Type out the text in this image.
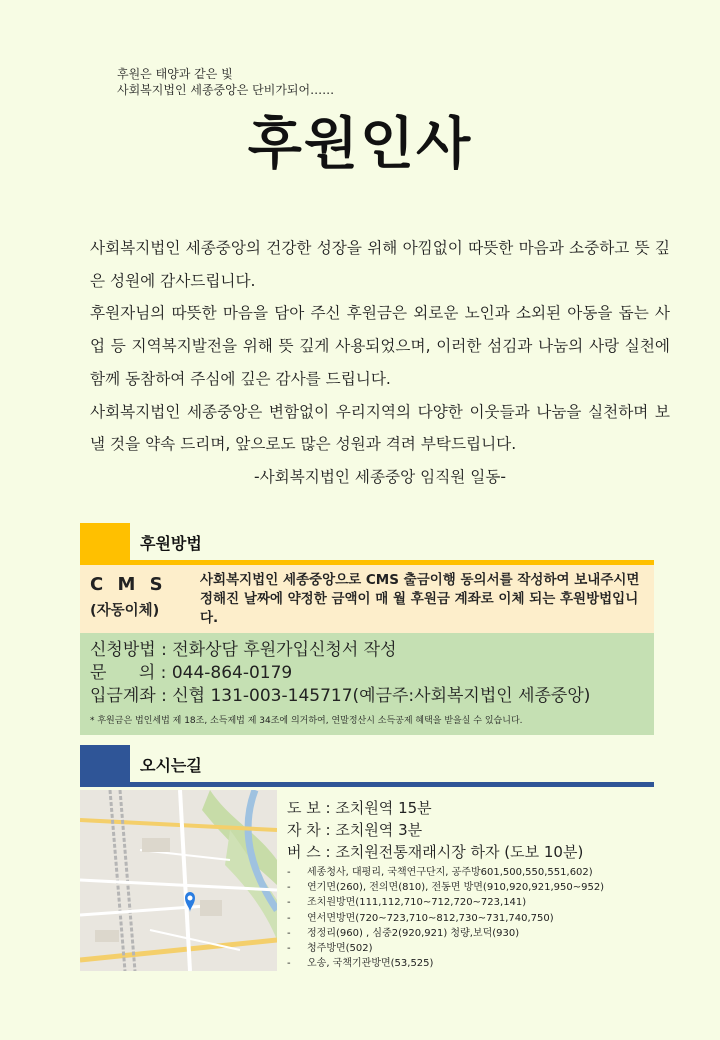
후원은 태양과 같은 빛
사회복지법인 세종중앙은 단비가되어……
후원인사

사회복지법인 세종중앙의 건강한 성장을 위해 아낌없이 따뜻한 마음과 소중하고 뜻 깊은 성원에 감사드립니다.

후원자님의 따뜻한 마음을 담아 주신 후원금은 외로운 노인과 소외된 아동을 돕는 사업 등 지역복지발전을 위해 뜻 깊게 사용되었으며, 이러한 섬김과 나눔의 사랑 실천에 함께 동참하여 주심에 깊은 감사를 드립니다.

사회복지법인 세종중앙은 변함없이 우리지역의 다양한 이웃들과 나눔을 실천하며 보낼 것을 약속 드리며, 앞으로도 많은 성원과 격려 부탁드립니다.

-사회복지법인 세종중앙 임직원 일동-

후원방법
C M S
(자동이체)
사회복지법인 세종중앙으로 CMS 출금이행 동의서를 작성하여 보내주시면 정해진 날짜에 약정한 금액이 매 월 후원금 계좌로 이체 되는 후원방법입니다.
신청방법 : 전화상담 후원가입신청서 작성
문      의 : 044-864-0179
입금계좌 : 신협 131-003-145717(예금주:사회복지법인 세종중앙)
* 후원금은 법인세법 제 18조, 소득제법 제 34조에 의거하여, 연말정산시 소득공제 혜택을 받을실 수 있습니다.
오시는길
도 보 : 조치원역 15분
자 차 : 조치원역 3분
버 스 : 조치원전통재래시장 하자 (도보 10분)
- 세종청사, 대평리, 국책연구단지, 공주방601,500,550,551,602)
- 연기면(260), 전의면(810), 전동면 방면(910,920,921,950~952)
- 조치원방면(111,112,710~712,720~723,141)
- 연서면방면(720~723,710~812,730~731,740,750)
- 정정리(960) , 심중2(920,921) 청량,보덕(930)
- 청주방면(502)
- 오송, 국책기관방면(53,525)
